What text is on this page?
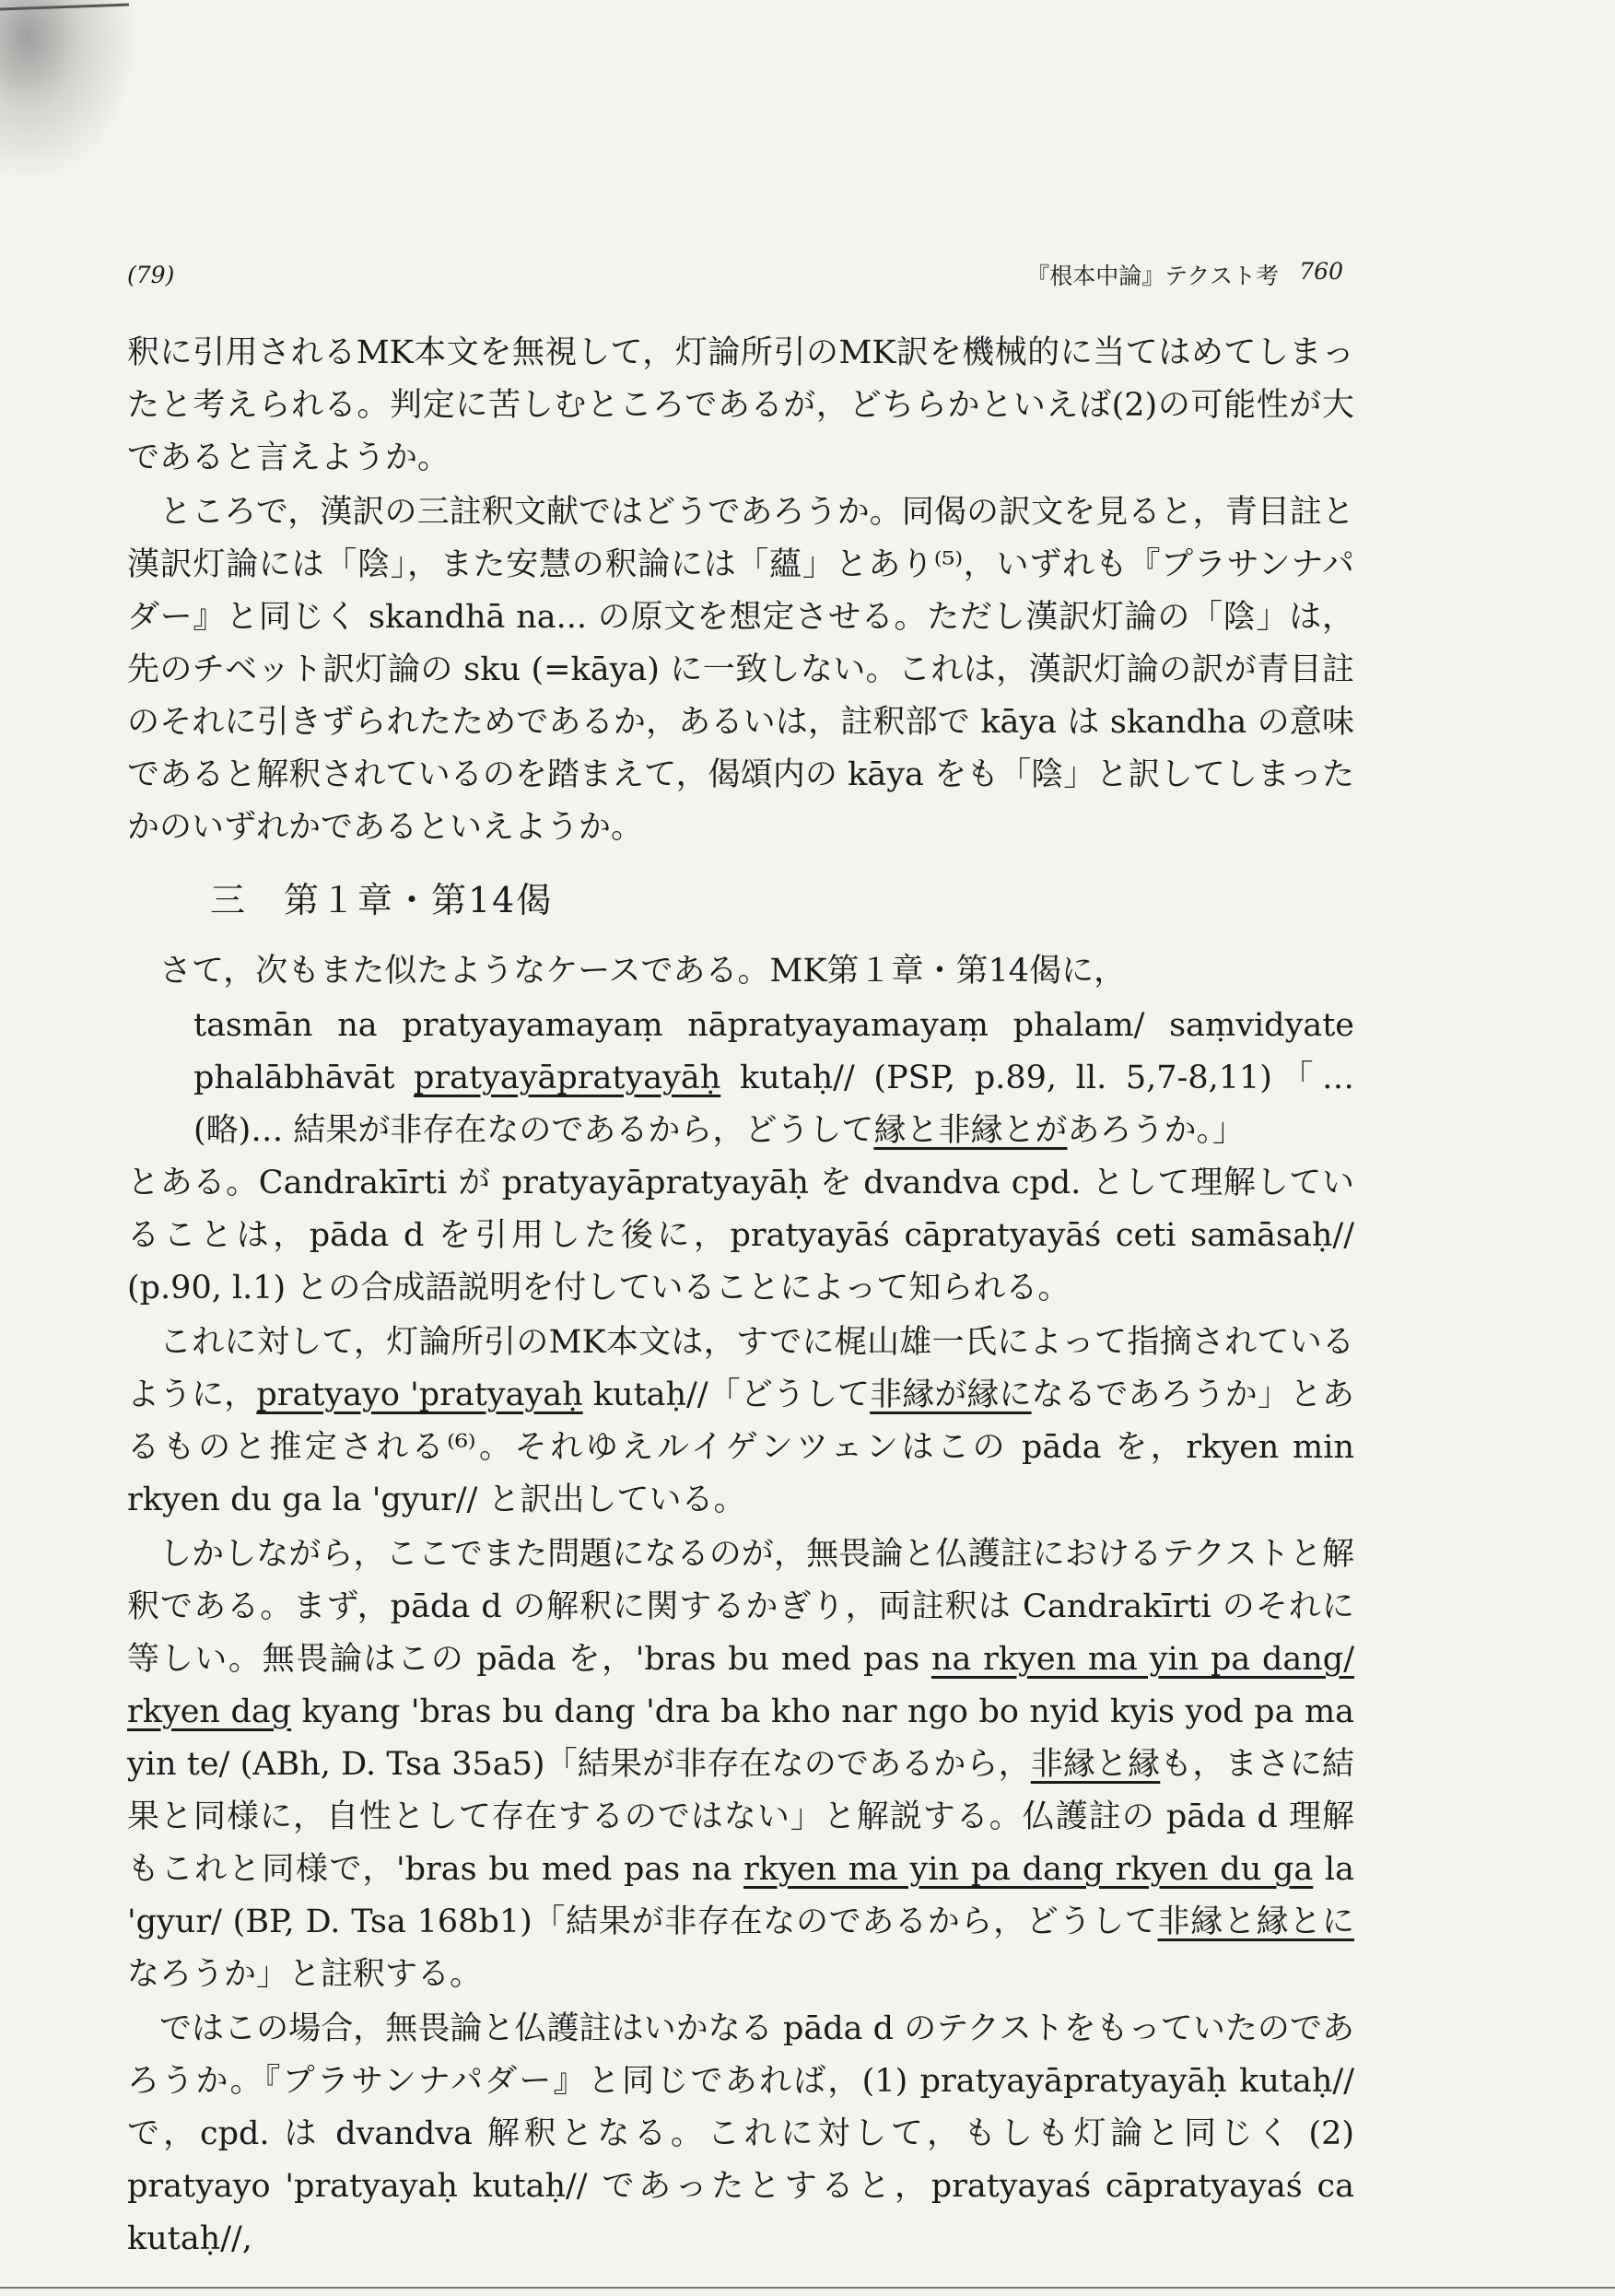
(79)	『根本中論』テクスト考 760

釈に引用されるMK本文を無視して，灯論所引のMK訳を機械的に当てはめてしまったと考えられる。判定に苦しむところであるが，どちらかといえば(2)の可能性が大であると言えようか。

ところで，漢訳の三註釈文献ではどうであろうか。同偈の訳文を見ると，青目註と漢訳灯論には「陰」，また安慧の釈論には「蘊」とあり⁽⁵⁾，いずれも『プラサンナパダー』と同じく skandhā na... の原文を想定させる。ただし漢訳灯論の「陰」は，先のチベット訳灯論の sku (=kāya) に一致しない。これは，漢訳灯論の訳が青目註のそれに引きずられたためであるか，あるいは，註釈部で kāya は skandha の意味であると解釈されているのを踏まえて，偈頌内の kāya をも「陰」と訳してしまったかのいずれかであるといえようか。

三　第１章・第14偈

さて，次もまた似たようなケースである。MK第１章・第14偈に，

tasmān na pratyayamayaṃ nāpratyayamayaṃ phalam/ saṃvidyate phalābhāvāt pratyayāpratyayāḥ kutaḥ// (PSP, p.89, ll. 5,7-8,11)「…(略)… 結果が非存在なのであるから，どうして縁と非縁とがあろうか。」

とある。Candrakīrti が pratyayāpratyayāḥ を dvandva cpd. として理解していることは，pāda d を引用した後に，pratyayāś cāpratyayāś ceti samāsaḥ// (p.90, l.1) との合成語説明を付していることによって知られる。

これに対して，灯論所引のMK本文は，すでに梶山雄一氏によって指摘されているように，pratyayo 'pratyayaḥ kutaḥ//「どうして非縁が縁になるであろうか」とあるものと推定される⁽⁶⁾。それゆえルイゲンツェンはこの pāda を，rkyen min rkyen du ga la 'gyur// と訳出している。

しかしながら，ここでまた問題になるのが，無畏論と仏護註におけるテクストと解釈である。まず，pāda d の解釈に関するかぎり，両註釈は Candrakīrti のそれに等しい。無畏論はこの pāda を，'bras bu med pas na rkyen ma yin pa dang/ rkyen dag kyang 'bras bu dang 'dra ba kho nar ngo bo nyid kyis yod pa ma yin te/ (ABh, D. Tsa 35a5)「結果が非存在なのであるから，非縁と縁も，まさに結果と同様に，自性として存在するのではない」と解説する。仏護註の pāda d 理解もこれと同様で，'bras bu med pas na rkyen ma yin pa dang rkyen du ga la 'gyur/ (BP, D. Tsa 168b1)「結果が非存在なのであるから，どうして非縁と縁とになろうか」と註釈する。

ではこの場合，無畏論と仏護註はいかなる pāda d のテクストをもっていたのであろうか。『プラサンナパダー』と同じであれば，(1) pratyayāpratyayāḥ kutaḥ// で，cpd. は dvandva 解釈となる。これに対して，もしも灯論と同じく (2) pratyayo 'pratyayaḥ kutaḥ// であったとすると，pratyayaś cāpratyayaś ca kutaḥ//,
